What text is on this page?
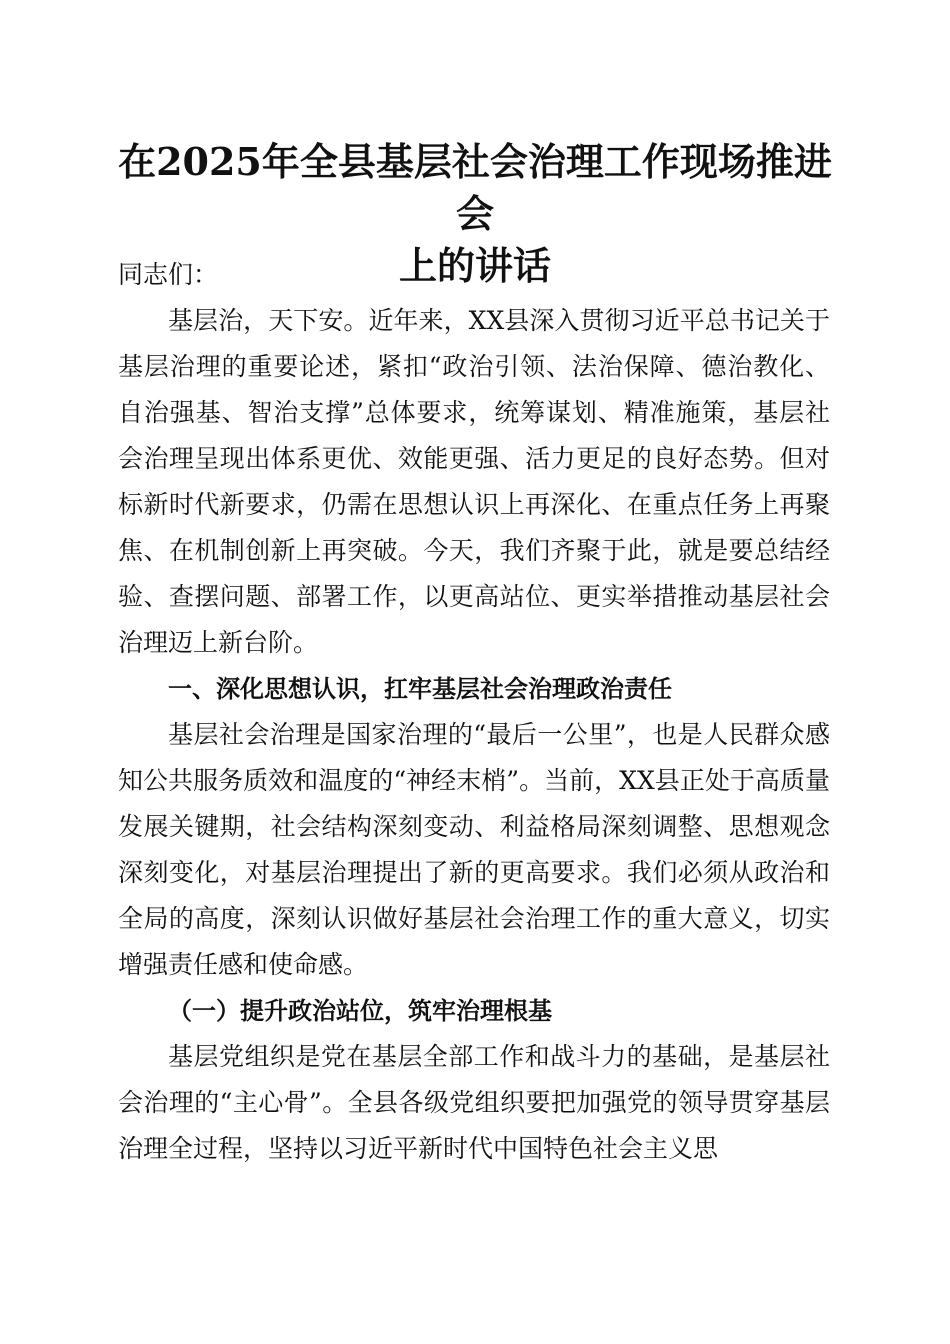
在2025年全县基层社会治理工作现场推进会
上的讲话

同志们：

基层治，天下安。近年来，XX县深入贯彻习近平总书记关于基层治理的重要论述，紧扣“政治引领、法治保障、德治教化、自治强基、智治支撑”总体要求，统筹谋划、精准施策，基层社会治理呈现出体系更优、效能更强、活力更足的良好态势。但对标新时代新要求，仍需在思想认识上再深化、在重点任务上再聚焦、在机制创新上再突破。今天，我们齐聚于此，就是要总结经验、查摆问题、部署工作，以更高站位、更实举措推动基层社会治理迈上新台阶。

一、深化思想认识，扛牢基层社会治理政治责任

基层社会治理是国家治理的“最后一公里”，也是人民群众感知公共服务质效和温度的“神经末梢”。当前，XX县正处于高质量发展关键期，社会结构深刻变动、利益格局深刻调整、思想观念深刻变化，对基层治理提出了新的更高要求。我们必须从政治和全局的高度，深刻认识做好基层社会治理工作的重大意义，切实增强责任感和使命感。

（一）提升政治站位，筑牢治理根基

基层党组织是党在基层全部工作和战斗力的基础，是基层社会治理的“主心骨”。全县各级党组织要把加强党的领导贯穿基层治理全过程，坚持以习近平新时代中国特色社会主义思
